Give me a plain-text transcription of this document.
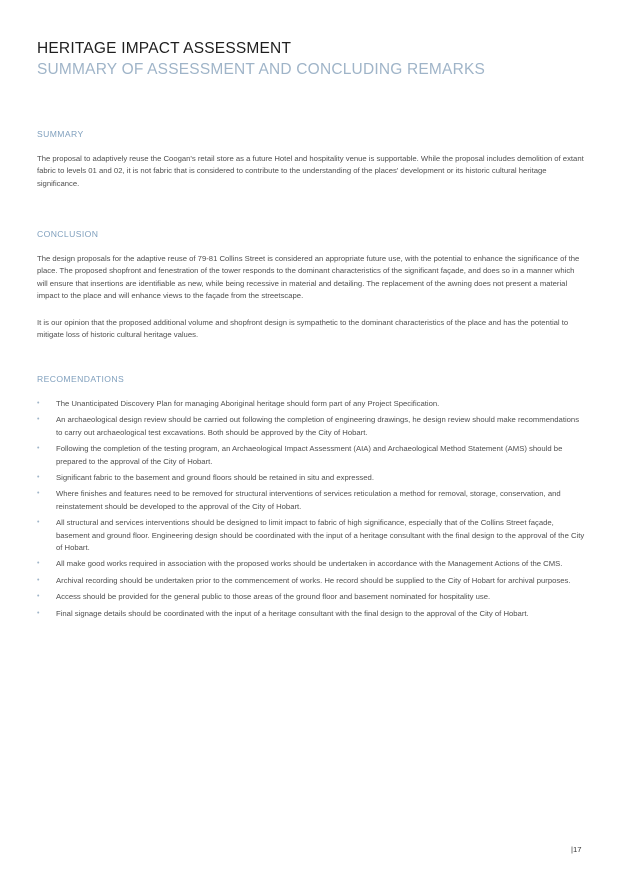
HERITAGE IMPACT ASSESSMENT
SUMMARY OF ASSESSMENT AND CONCLUDING REMARKS
SUMMARY

The proposal to adaptively reuse the Coogan's retail store as a future Hotel and hospitality venue is supportable. While the proposal includes demolition of extant fabric to levels 01 and 02, it is not fabric that is considered to contribute to the understanding of the places' development or its historic cultural heritage significance.

CONCLUSION

The design proposals for the adaptive reuse of 79-81 Collins Street is considered an appropriate future use, with the potential to enhance the significance of the place. The proposed shopfront and fenestration of the tower responds to the dominant characteristics of the significant façade, and does so in a manner which will ensure that insertions are identifiable as new, while being recessive in material and detailing. The replacement of the awning does not present a material impact to the place and will enhance views to the façade from the streetscape.

It is our opinion that the proposed additional volume and shopfront design is sympathetic to the dominant characteristics of the place and has the potential to mitigate loss of historic cultural heritage values.

RECOMENDATIONS
• The Unanticipated Discovery Plan for managing Aboriginal heritage should form part of any Project Specification.
• An archaeological design review should be carried out following the completion of engineering drawings, he design review should make recommendations to carry out archaeological test excavations. Both should be approved by the City of Hobart.
• Following the completion of the testing program, an Archaeological Impact Assessment (AIA) and Archaeological Method Statement (AMS) should be prepared to the approval of the City of Hobart.
• Significant fabric to the basement and ground floors should be retained in situ and expressed.
• Where finishes and features need to be removed for structural interventions of services reticulation a method for removal, storage, conservation, and reinstatement should be developed to the approval of the City of Hobart.
• All structural and services interventions should be designed to limit impact to fabric of high significance, especially that of the Collins Street façade, basement and ground floor. Engineering design should be coordinated with the input of a heritage consultant with the final design to the approval of the City of Hobart.
• All make good works required in association with the proposed works should be undertaken in accordance with the Management Actions of the CMS.
• Archival recording should be undertaken prior to the commencement of works. He record should be supplied to the City of Hobart for archival purposes.
• Access should be provided for the general public to those areas of the ground floor and basement nominated for hospitality use.
• Final signage details should be coordinated with the input of a heritage consultant with the final design to the approval of the City of Hobart.
|17
